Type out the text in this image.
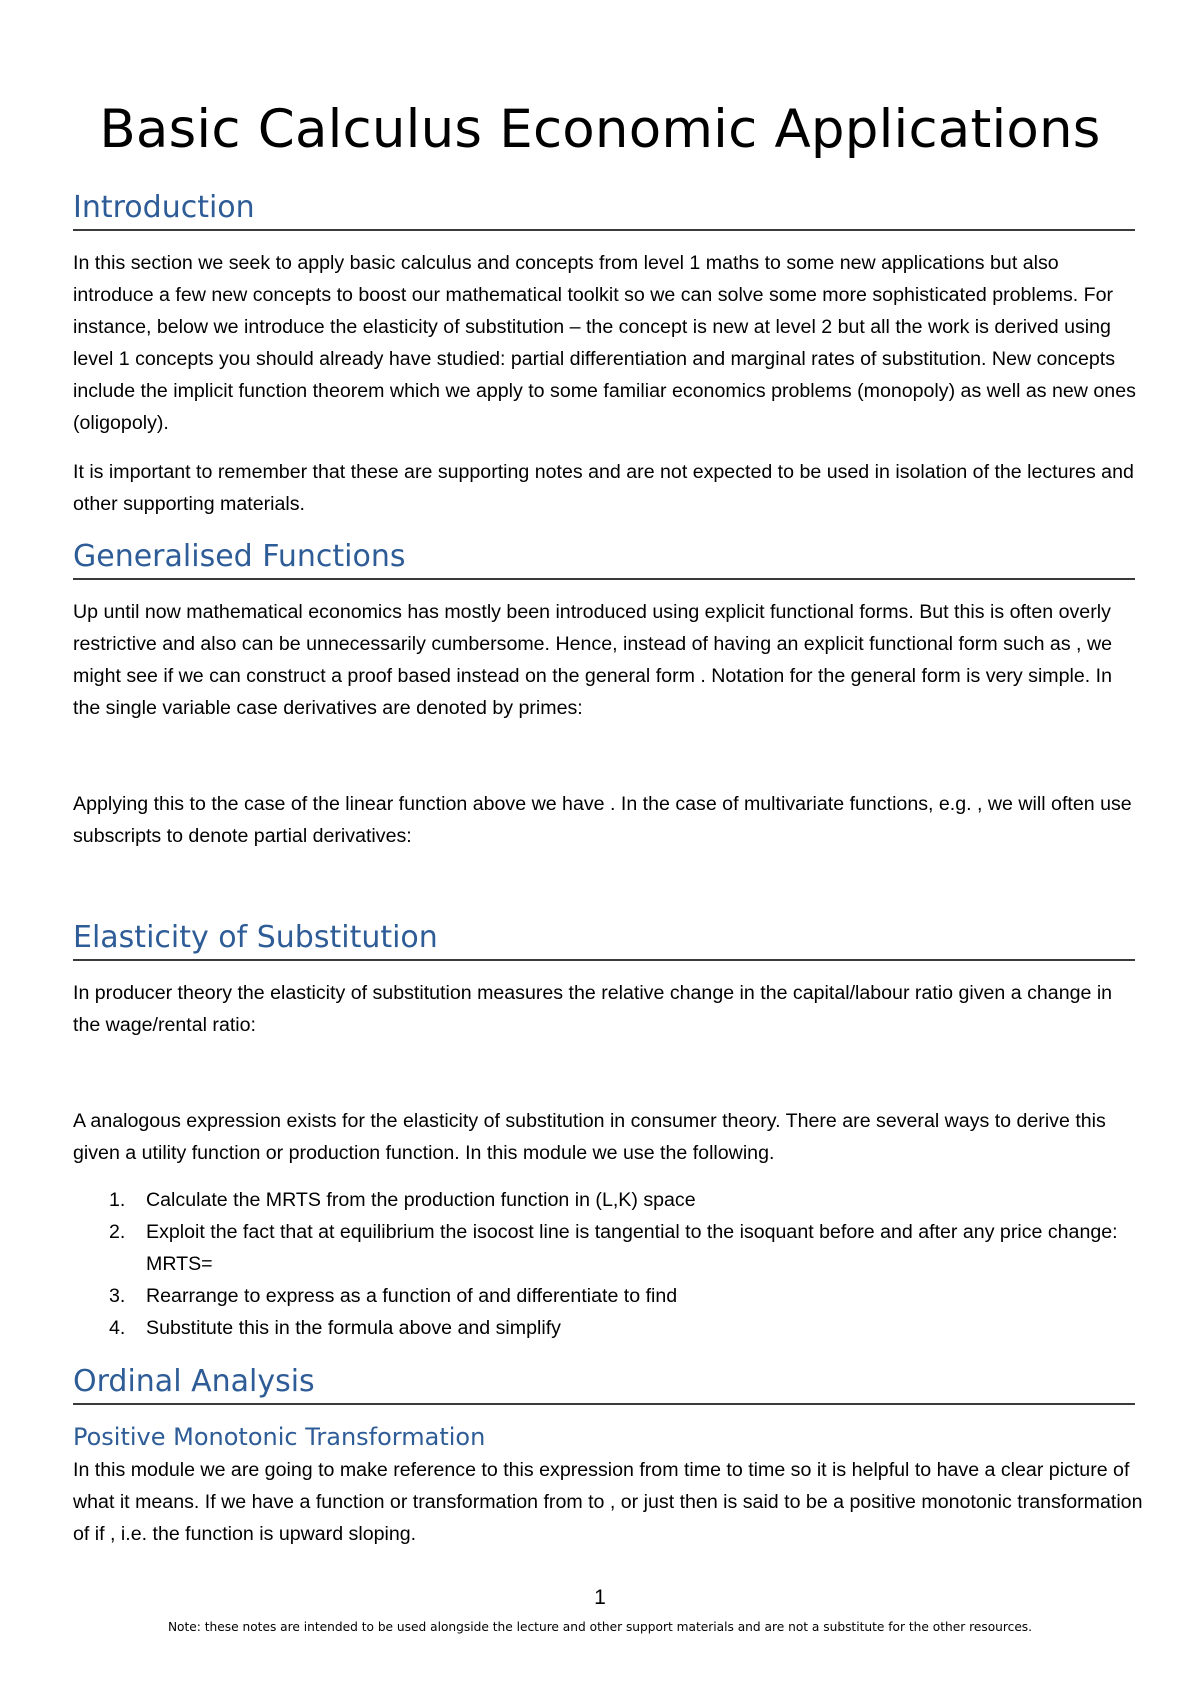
Basic Calculus Economic Applications
Introduction

In this section we seek to apply basic calculus and concepts from level 1 maths to some new applications but also introduce a few new concepts to boost our mathematical toolkit so we can solve some more sophisticated problems. For instance, below we introduce the elasticity of substitution – the concept is new at level 2 but all the work is derived using level 1 concepts you should already have studied: partial differentiation and marginal rates of substitution. New concepts include the implicit function theorem which we apply to some familiar economics problems (monopoly) as well as new ones (oligopoly).

It is important to remember that these are supporting notes and are not expected to be used in isolation of the lectures and other supporting materials.

Generalised Functions

Up until now mathematical economics has mostly been introduced using explicit functional forms. But this is often overly restrictive and also can be unnecessarily cumbersome. Hence, instead of having an explicit functional form such as , we might see if we can construct a proof based instead on the general form . Notation for the general form is very simple. In the single variable case derivatives are denoted by primes:

Applying this to the case of the linear function above we have . In the case of multivariate functions, e.g. , we will often use subscripts to denote partial derivatives:

Elasticity of Substitution

In producer theory the elasticity of substitution measures the relative change in the capital/labour ratio given a change in the wage/rental ratio:

A analogous expression exists for the elasticity of substitution in consumer theory. There are several ways to derive this given a utility function or production function. In this module we use the following.

1. Calculate the MRTS from the production function in (L,K) space
2. Exploit the fact that at equilibrium the isocost line is tangential to the isoquant before and after any price change: MRTS=
3. Rearrange to express as a function of and differentiate to find
4. Substitute this in the formula above and simplify
Ordinal Analysis
Positive Monotonic Transformation

In this module we are going to make reference to this expression from time to time so it is helpful to have a clear picture of what it means. If we have a function or transformation from to , or just then is said to be a positive monotonic transformation of if , i.e. the function is upward sloping.

1
Note: these notes are intended to be used alongside the lecture and other support materials and are not a substitute for the other resources.
